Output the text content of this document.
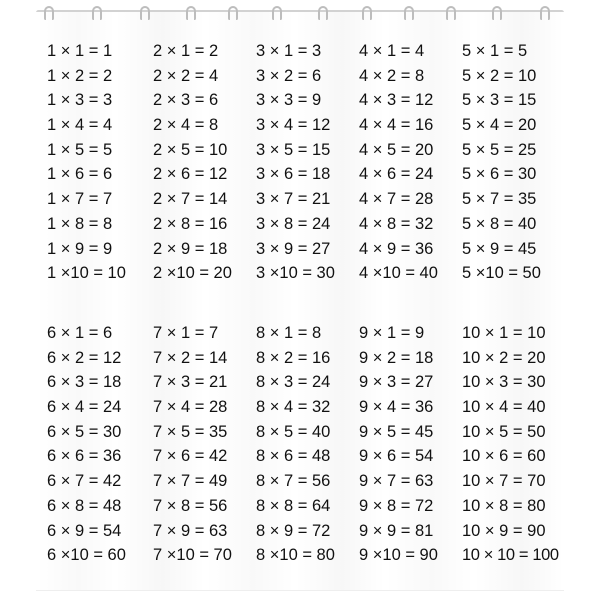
1 × 1 = 1
1 × 2 = 2
1 × 3 = 3
1 × 4 = 4
1 × 5 = 5
1 × 6 = 6
1 × 7 = 7
1 × 8 = 8
1 × 9 = 9
1 ×10 = 10
2 × 1 = 2
2 × 2 = 4
2 × 3 = 6
2 × 4 = 8
2 × 5 = 10
2 × 6 = 12
2 × 7 = 14
2 × 8 = 16
2 × 9 = 18
2 ×10 = 20
3 × 1 = 3
3 × 2 = 6
3 × 3 = 9
3 × 4 = 12
3 × 5 = 15
3 × 6 = 18
3 × 7 = 21
3 × 8 = 24
3 × 9 = 27
3 ×10 = 30
4 × 1 = 4
4 × 2 = 8
4 × 3 = 12
4 × 4 = 16
4 × 5 = 20
4 × 6 = 24
4 × 7 = 28
4 × 8 = 32
4 × 9 = 36
4 ×10 = 40
5 × 1 = 5
5 × 2 = 10
5 × 3 = 15
5 × 4 = 20
5 × 5 = 25
5 × 6 = 30
5 × 7 = 35
5 × 8 = 40
5 × 9 = 45
5 ×10 = 50
6 × 1 = 6
6 × 2 = 12
6 × 3 = 18
6 × 4 = 24
6 × 5 = 30
6 × 6 = 36
6 × 7 = 42
6 × 8 = 48
6 × 9 = 54
6 ×10 = 60
7 × 1 = 7
7 × 2 = 14
7 × 3 = 21
7 × 4 = 28
7 × 5 = 35
7 × 6 = 42
7 × 7 = 49
7 × 8 = 56
7 × 9 = 63
7 ×10 = 70
8 × 1 = 8
8 × 2 = 16
8 × 3 = 24
8 × 4 = 32
8 × 5 = 40
8 × 6 = 48
8 × 7 = 56
8 × 8 = 64
8 × 9 = 72
8 ×10 = 80
9 × 1 = 9
9 × 2 = 18
9 × 3 = 27
9 × 4 = 36
9 × 5 = 45
9 × 6 = 54
9 × 7 = 63
9 × 8 = 72
9 × 9 = 81
9 ×10 = 90
10 × 1 = 10
10 × 2 = 20
10 × 3 = 30
10 × 4 = 40
10 × 5 = 50
10 × 6 = 60
10 × 7 = 70
10 × 8 = 80
10 × 9 = 90
10 × 10 = 100
